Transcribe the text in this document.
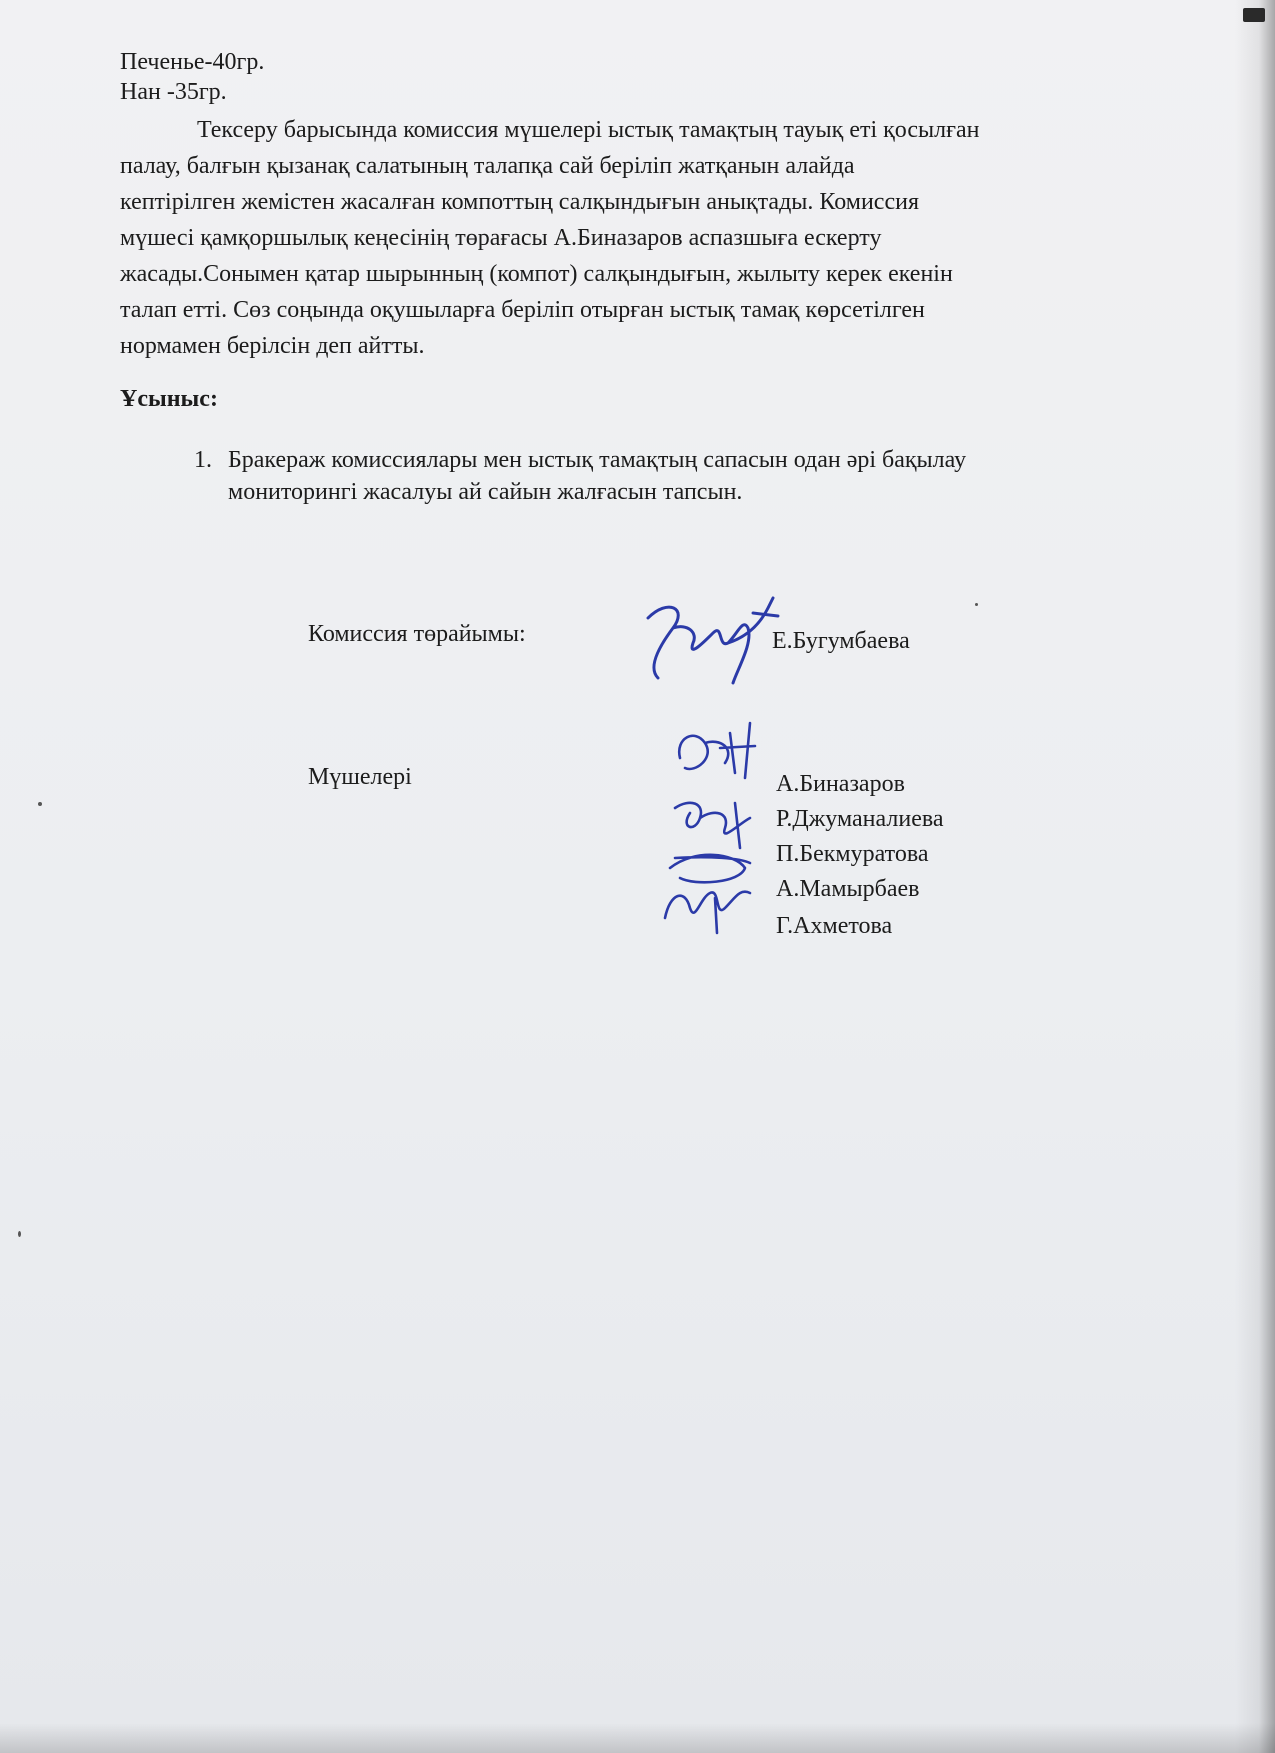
Печенье-40гр.
Нан -35гр.
Тексеру барысында комиссия мүшелері ыстық тамақтың тауық еті қосылған
палау, балғын қызанақ салатының талапқа сай беріліп жатқанын алайда
кептірілген жемістен жасалған компоттың салқындығын анықтады. Комиссия
мүшесі қамқоршылық кеңесінің төрағасы А.Биназаров аспазшыға ескерту
жасады.Сонымен қатар шырынның (компот) салқындығын, жылыту керек екенін
талап етті. Сөз соңында оқушыларға беріліп отырған ыстық тамақ көрсетілген
нормамен берілсін деп айтты.
Ұсыныс:
1. Бракераж комиссиялары мен ыстық тамақтың сапасын одан әрі бақылау
мониторингі жасалуы ай сайын жалғасын тапсын.
Комиссия төрайымы:	Е.Бугумбаева
Мүшелері	А.Биназаров
Р.Джуманалиева
П.Бекмуратова
А.Мамырбаев
Г.Ахметова
